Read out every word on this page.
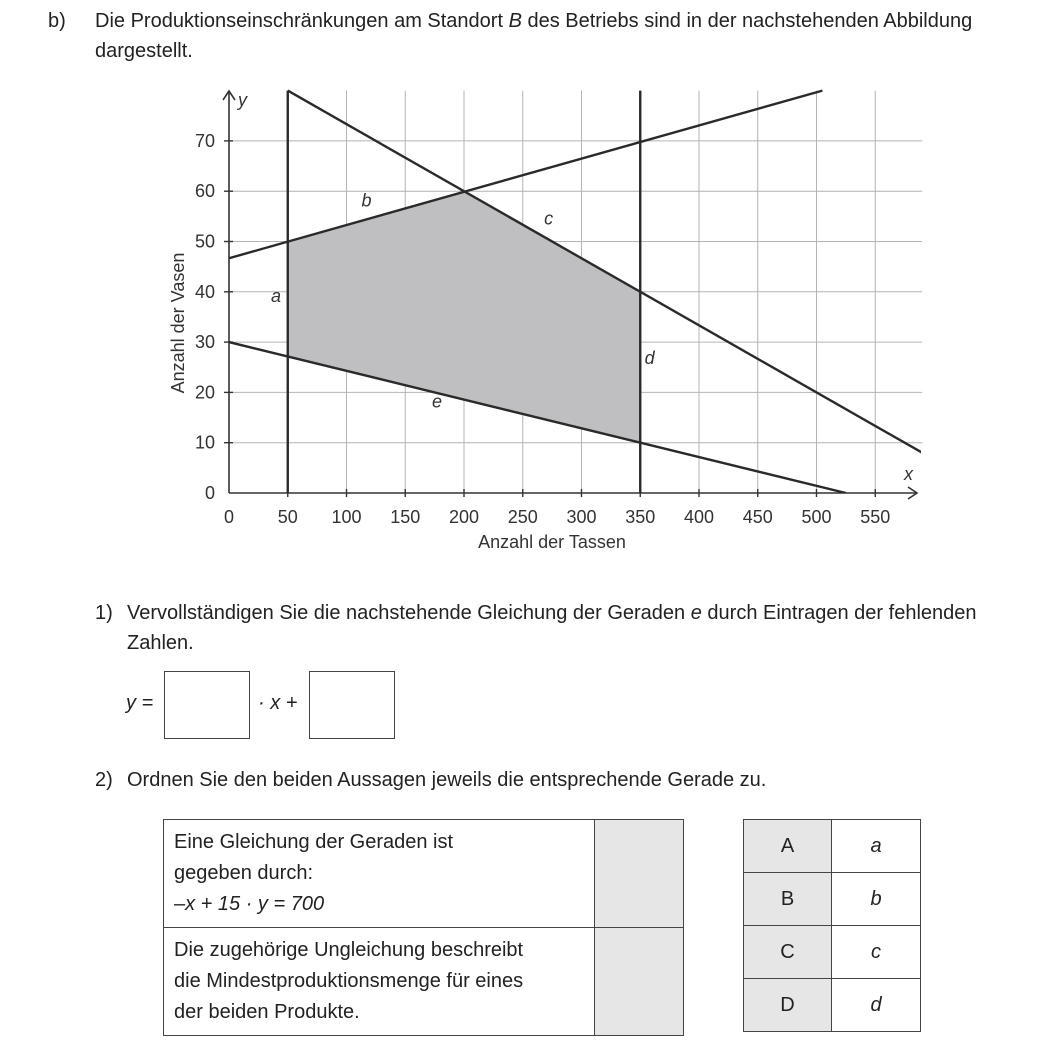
b) Die Produktionseinschränkungen am Standort B des Betriebs sind in der nachstehenden Abbildung dargestellt.
a
b
c
d
e
0 50 100 150 200 250 300 350 400 450 500 550
0
10
20
30
40
50
60
70
Anzahl der Tassen
Anzahl der Vasen
x
y
1) Vervollständigen Sie die nachstehende Gleichung der Geraden e durch Eintragen der fehlenden Zahlen.
y =	· x +
2) Ordnen Sie den beiden Aussagen jeweils die entsprechende Gerade zu.
Eine Gleichung der Geraden ist
gegeben durch:
–x + 15 · y = 700	

Die zugehörige Ungleichung beschreibt
die Mindestproduktionsmenge für eines
der beiden Produkte.	

A	a
B	b
C	c
D	d
